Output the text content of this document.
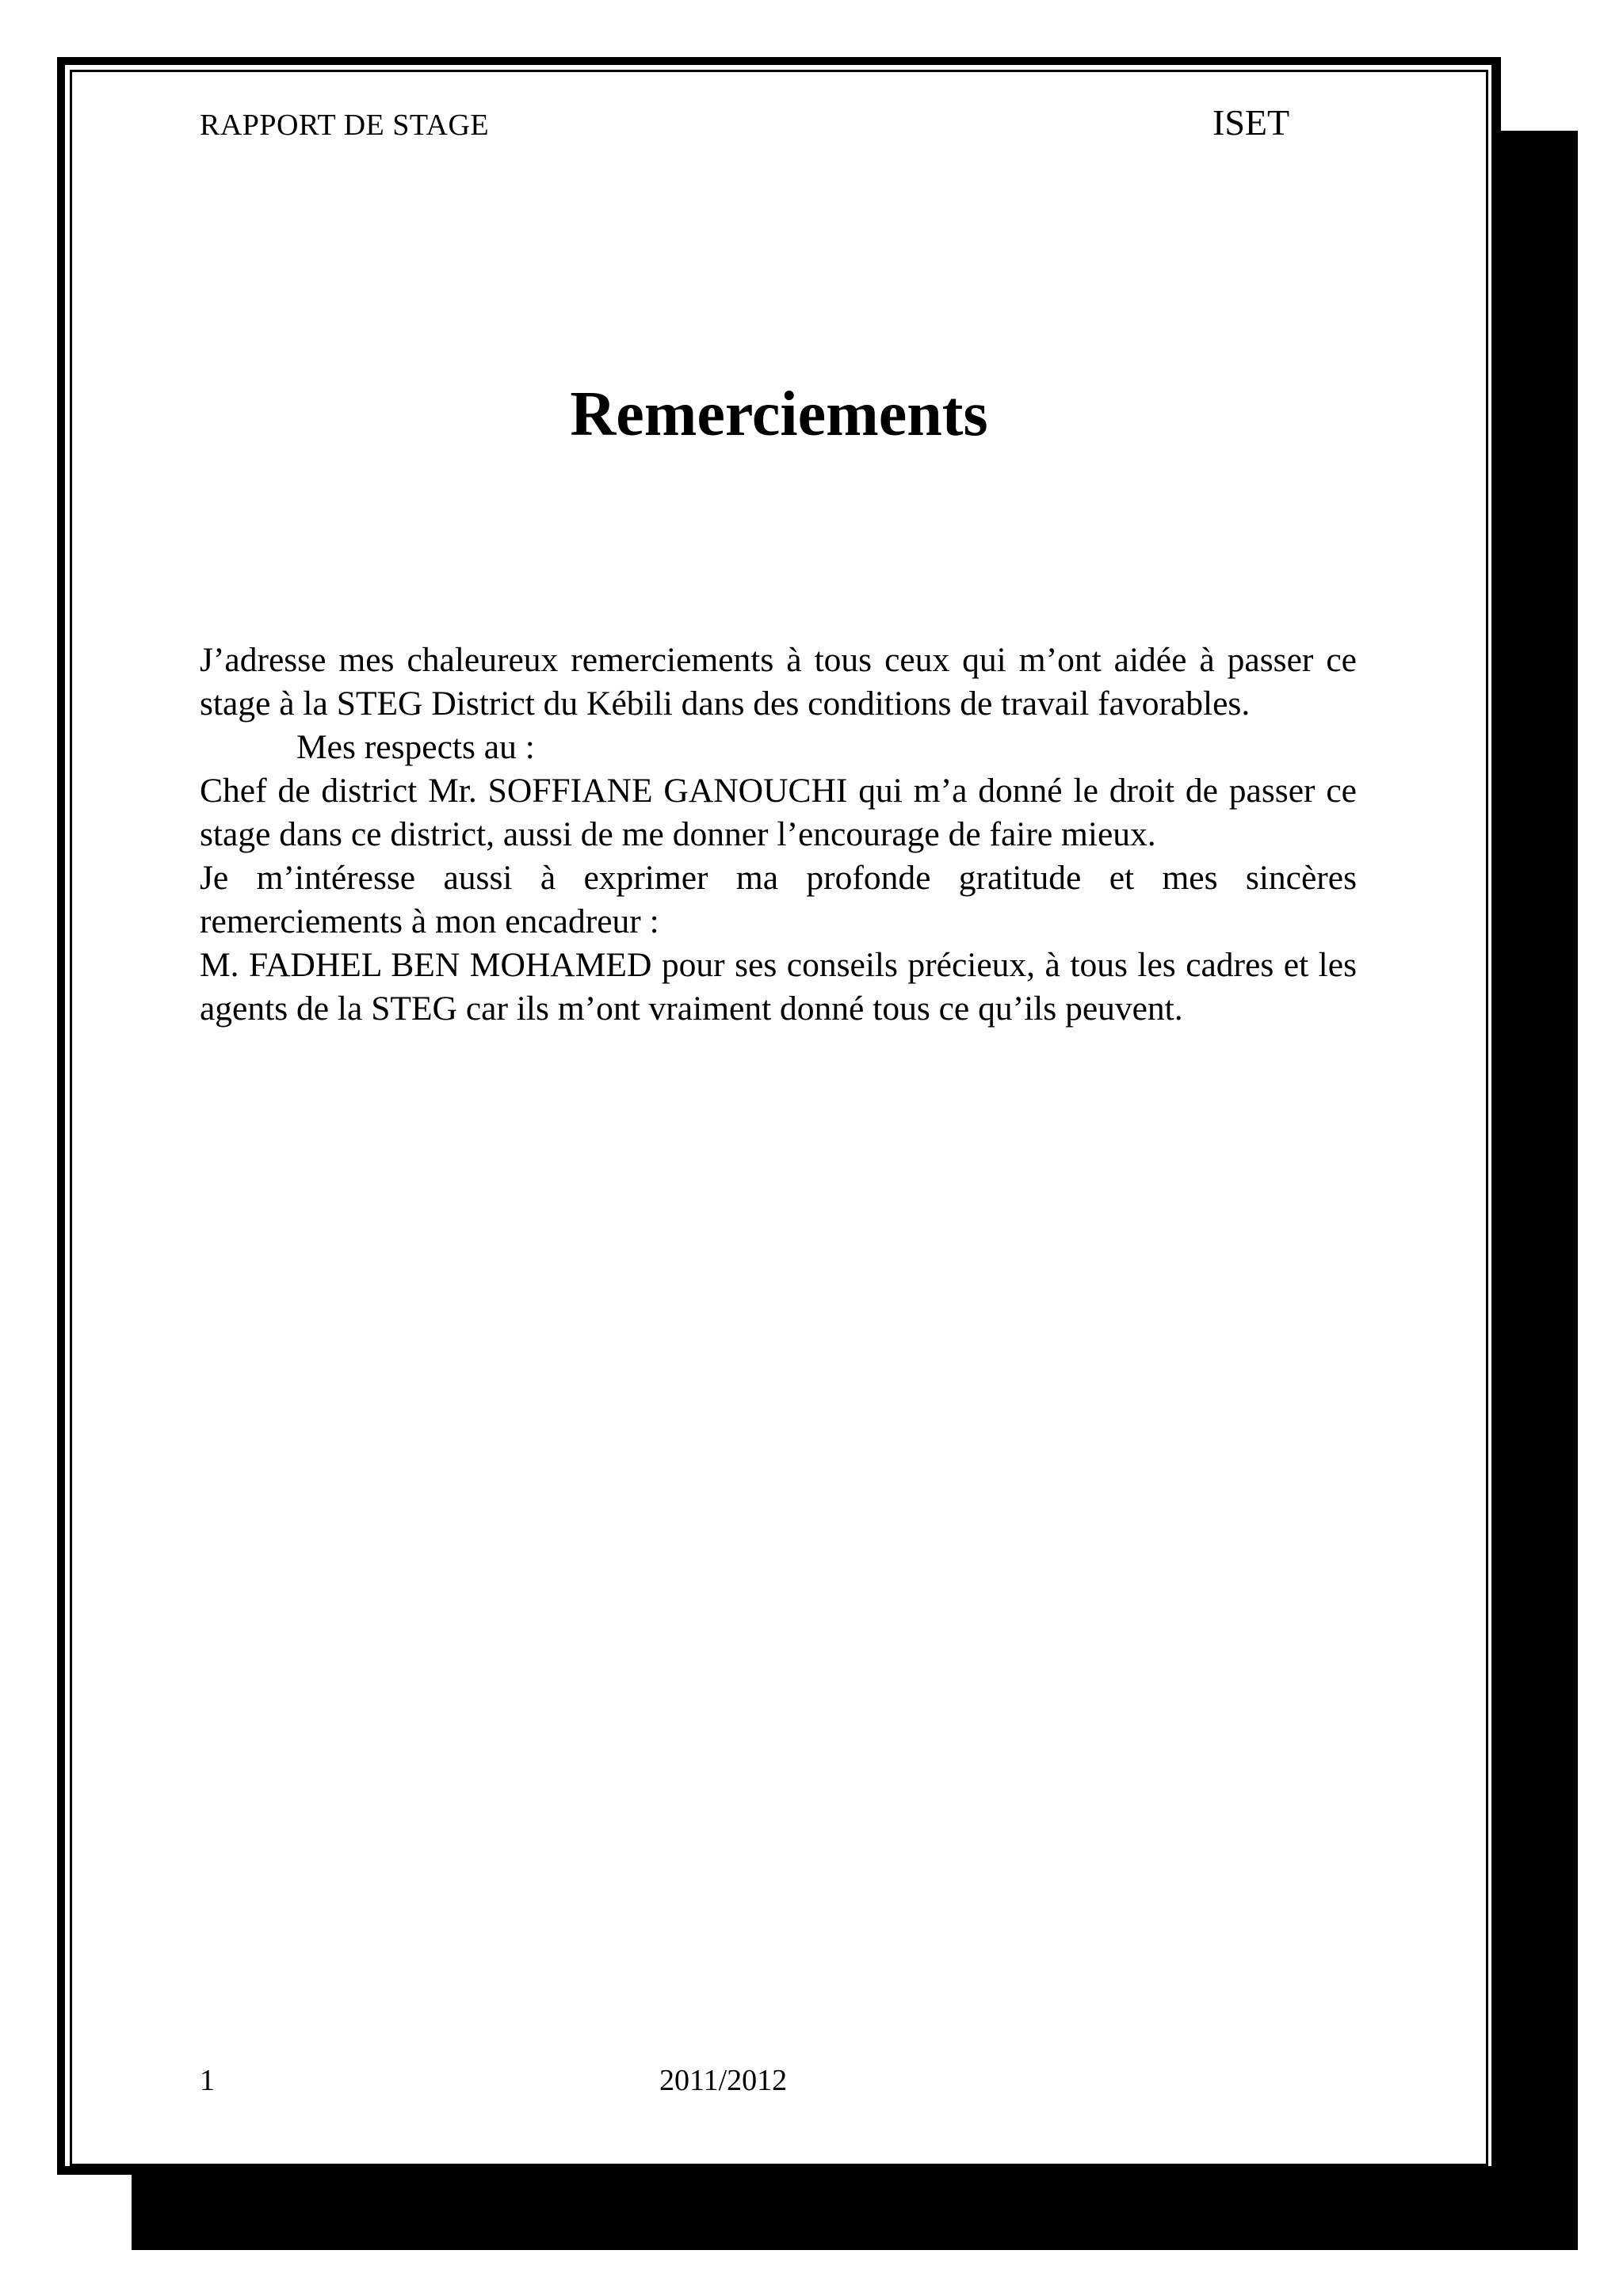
RAPPORT DE STAGE	ISET
Remerciements

J’adresse mes chaleureux remerciements à tous ceux qui m’ont aidée à passer ce stage à la STEG District du Kébili dans des conditions de travail favorables.

Mes respects au :

Chef de district Mr. SOFFIANE GANOUCHI qui m’a donné le droit de passer ce stage dans ce district, aussi de me donner l’encourage de faire mieux.

Je m’intéresse aussi à exprimer ma profonde gratitude et mes sincères remerciements à mon encadreur :

M. FADHEL BEN MOHAMED pour ses conseils précieux, à tous les cadres et les agents de la STEG car ils m’ont vraiment donné tous ce qu’ils peuvent.

1	2011/2012
